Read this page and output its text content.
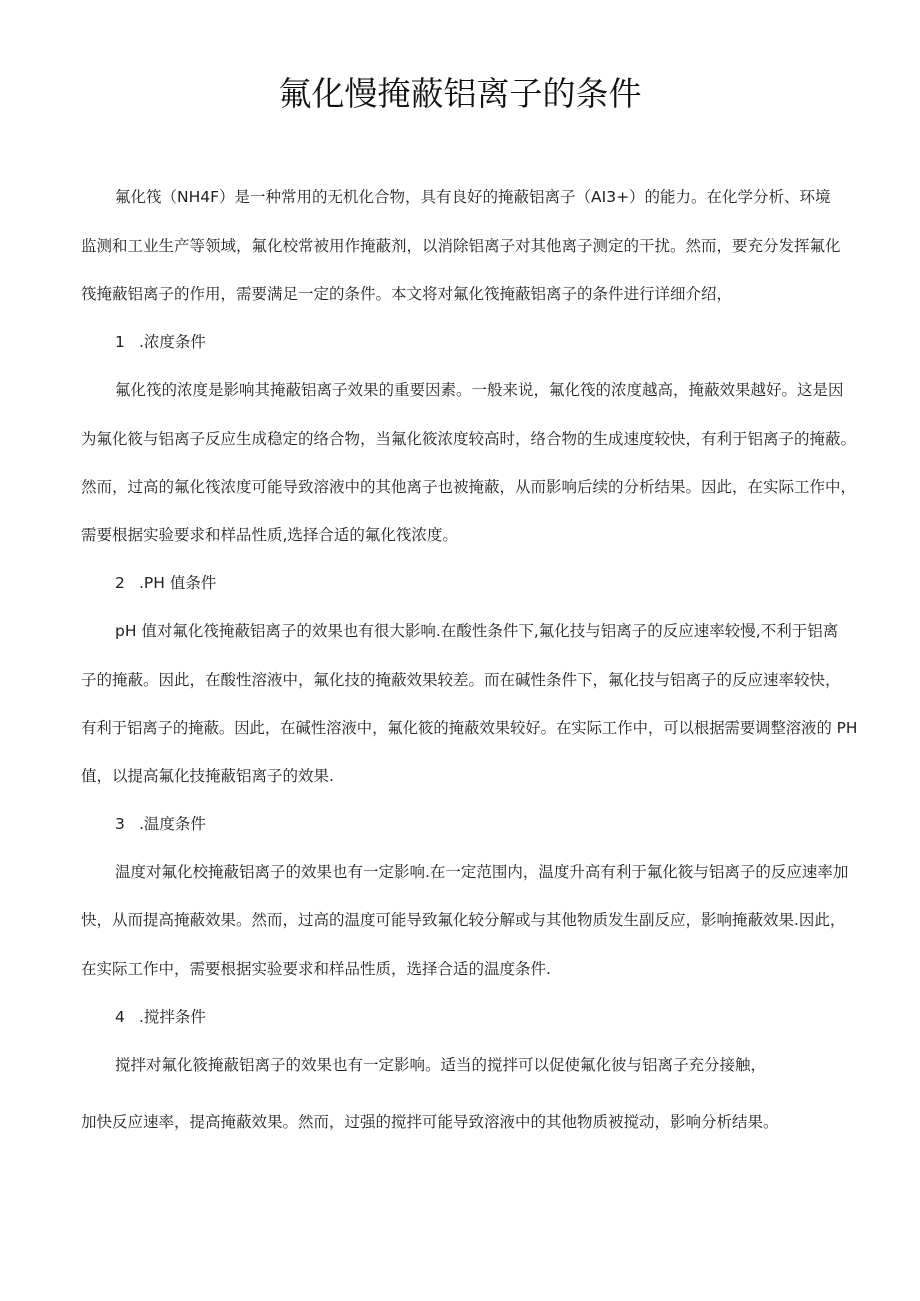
氟化慢掩蔽铝离子的条件

氟化筏（NH4F）是一种常用的无机化合物，具有良好的掩蔽铝离子（AI3+）的能力。在化学分析、环境

监测和工业生产等领域，氟化校常被用作掩蔽剂，以消除铝离子对其他离子测定的干扰。然而，要充分发挥氟化

筏掩蔽铝离子的作用，需要满足一定的条件。本文将对氟化筏掩蔽铝离子的条件进行详细介绍，

1 .浓度条件

氟化筏的浓度是影响其掩蔽铝离子效果的重要因素。一般来说，氟化筏的浓度越高，掩蔽效果越好。这是因

为氟化筱与铝离子反应生成稳定的络合物，当氟化筱浓度较高时，络合物的生成速度较快，有利于铝离子的掩蔽。

然而，过高的氟化筏浓度可能导致溶液中的其他离子也被掩蔽，从而影响后续的分析结果。因此，在实际工作中，

需要根据实验要求和样品性质,选择合适的氟化筏浓度。

2 .PH 值条件

pH 值对氟化筏掩蔽铝离子的效果也有很大影响.在酸性条件下,氟化技与铝离子的反应速率较慢,不利于铝离

子的掩蔽。因此，在酸性溶液中，氟化技的掩蔽效果较差。而在碱性条件下，氟化技与铝离子的反应速率较快，

有利于铝离子的掩蔽。因此，在碱性溶液中，氟化筱的掩蔽效果较好。在实际工作中，可以根据需要调整溶液的 PH

值，以提高氟化技掩蔽铝离子的效果.

3 .温度条件

温度对氟化校掩蔽铝离子的效果也有一定影响.在一定范围内，温度升高有利于氟化筱与铝离子的反应速率加

快，从而提高掩蔽效果。然而，过高的温度可能导致氟化较分解或与其他物质发生副反应，影响掩蔽效果.因此，

在实际工作中，需要根据实验要求和样品性质，选择合适的温度条件.

4 .搅拌条件

搅拌对氟化筱掩蔽铝离子的效果也有一定影响。适当的搅拌可以促使氟化彼与铝离子充分接触，

加快反应速率，提高掩蔽效果。然而，过强的搅拌可能导致溶液中的其他物质被搅动，影响分析结果。
